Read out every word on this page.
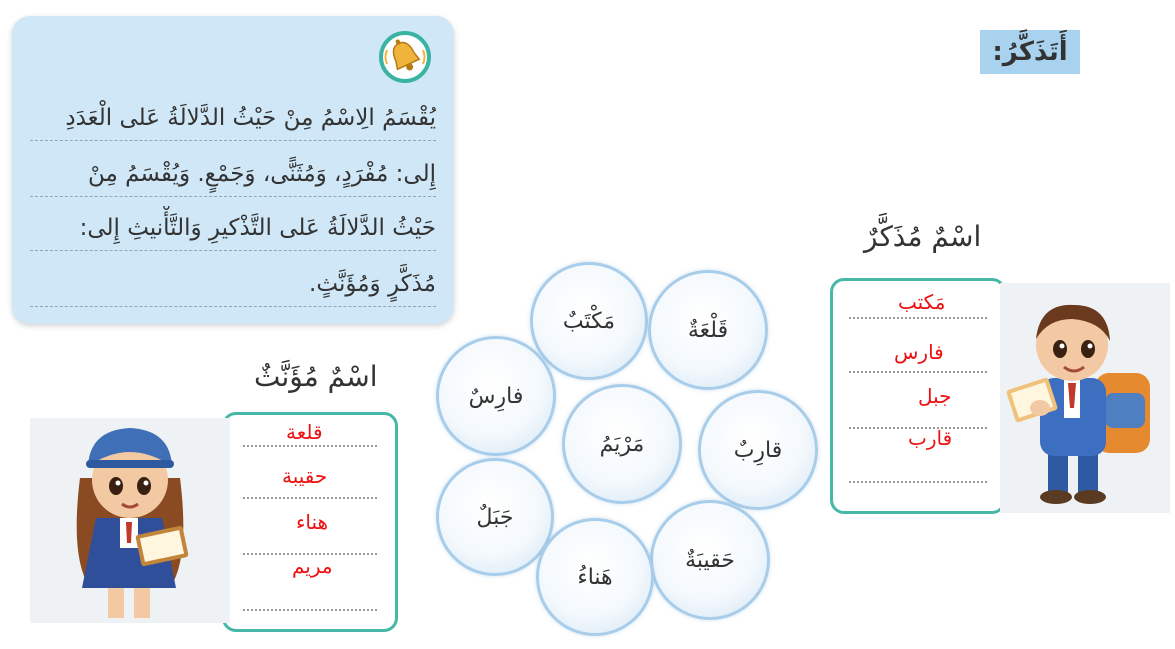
يُقْسَمُ الِاسْمُ مِنْ حَيْثُ الدَّلالَةُ عَلى الْعَدَدِ
إِلى: مُفْرَدٍ، وَمُثَنًّى، وَجَمْعٍ. وَيُقْسَمُ مِنْ
حَيْثُ الدَّلالَةُ عَلى التَّذْكيرِ وَالتَّأْنيثِ إِلى:
مُذَكَّرٍ وَمُؤَنَّثٍ.
أَتَذَكَّرُ:
اسْمٌ مُذَكَّرٌ
مَكتب
فارس
جبل
قارب
اسْمٌ مُؤَنَّثٌ
قلعة
حقيبة
هناء
مريم
مَكْتَبٌ	قَلْعَةٌ
فارِسٌ
مَرْيَمُ	قارِبٌ
جَبَلٌ
حَقيبَةٌ
هَناءُ
